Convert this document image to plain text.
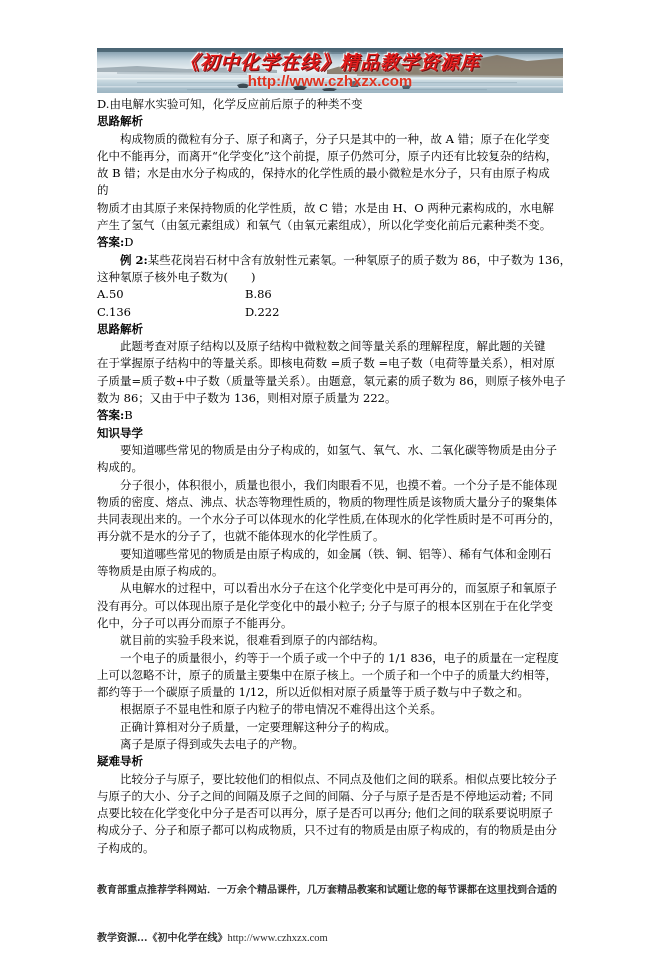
《初中化学在线》精品教学资源库
http://www.czhxzx.com
D.由电解水实验可知，化学反应前后原子的种类不变
思路解析
　　构成物质的微粒有分子、原子和离子，分子只是其中的一种，故 A 错；原子在化学变
化中不能再分，而离开“化学变化”这个前提，原子仍然可分，原子内还有比较复杂的结构，
故 B 错；水是由水分子构成的，保持水的化学性质的最小微粒是水分子，只有由原子构成
的
物质才由其原子来保持物质的化学性质，故 C 错；水是由 H、O 两种元素构成的，水电解
产生了氢气（由氢元素组成）和氧气（由氧元素组成），所以化学变化前后元素种类不变。
答案:D
　　例 2:某些花岗岩石材中含有放射性元素氡。一种氡原子的质子数为 86，中子数为 136，
这种氡原子核外电子数为(　　)
A.50	B.86
C.136	D.222
思路解析
　　此题考查对原子结构以及原子结构中微粒数之间等量关系的理解程度，解此题的关键
在于掌握原子结构中的等量关系。即核电荷数 =质子数 =电子数（电荷等量关系），相对原
子质量=质子数+中子数（质量等量关系）。由题意，氡元素的质子数为 86，则原子核外电子
数为 86；又由于中子数为 136，则相对原子质量为 222。
答案:B
知识导学
　　要知道哪些常见的物质是由分子构成的，如氢气、氧气、水、二氧化碳等物质是由分子
构成的。
　　分子很小，体积很小，质量也很小，我们肉眼看不见，也摸不着。一个分子是不能体现
物质的密度、熔点、沸点、状态等物理性质的，物质的物理性质是该物质大量分子的聚集体
共同表现出来的。一个水分子可以体现水的化学性质,在体现水的化学性质时是不可再分的，
再分就不是水的分子了，也就不能体现水的化学性质了。
　　要知道哪些常见的物质是由原子构成的，如金属（铁、铜、铝等）、稀有气体和金刚石
等物质是由原子构成的。
　　从电解水的过程中，可以看出水分子在这个化学变化中是可再分的，而氢原子和氧原子
没有再分。可以体现出原子是化学变化中的最小粒子; 分子与原子的根本区别在于在化学变
化中，分子可以再分而原子不能再分。
　　就目前的实验手段来说，很难看到原子的内部结构。
　　一个电子的质量很小，约等于一个质子或一个中子的 1/1 836，电子的质量在一定程度
上可以忽略不计，原子的质量主要集中在原子核上。一个质子和一个中子的质量大约相等，
都约等于一个碳原子质量的 1/12，所以近似相对原子质量等于质子数与中子数之和。
　　根据原子不显电性和原子内粒子的带电情况不难得出这个关系。
　　正确计算相对分子质量，一定要理解这种分子的构成。
　　离子是原子得到或失去电子的产物。
疑难导析
　　比较分子与原子，要比较他们的相似点、不同点及他们之间的联系。相似点要比较分子
与原子的大小、分子之间的间隔及原子之间的间隔、分子与原子是否是不停地运动着; 不同
点要比较在化学变化中分子是否可以再分，原子是否可以再分; 他们之间的联系要说明原子
构成分子、分子和原子都可以构成物质，只不过有的物质是由原子构成的，有的物质是由分
子构成的。

教育部重点推荐学科网站．一万余个精品课件，几万套精品教案和试题让您的每节课都在这里找到合适的

教学资源...《初中化学在线》http://www.czhxzx.com
